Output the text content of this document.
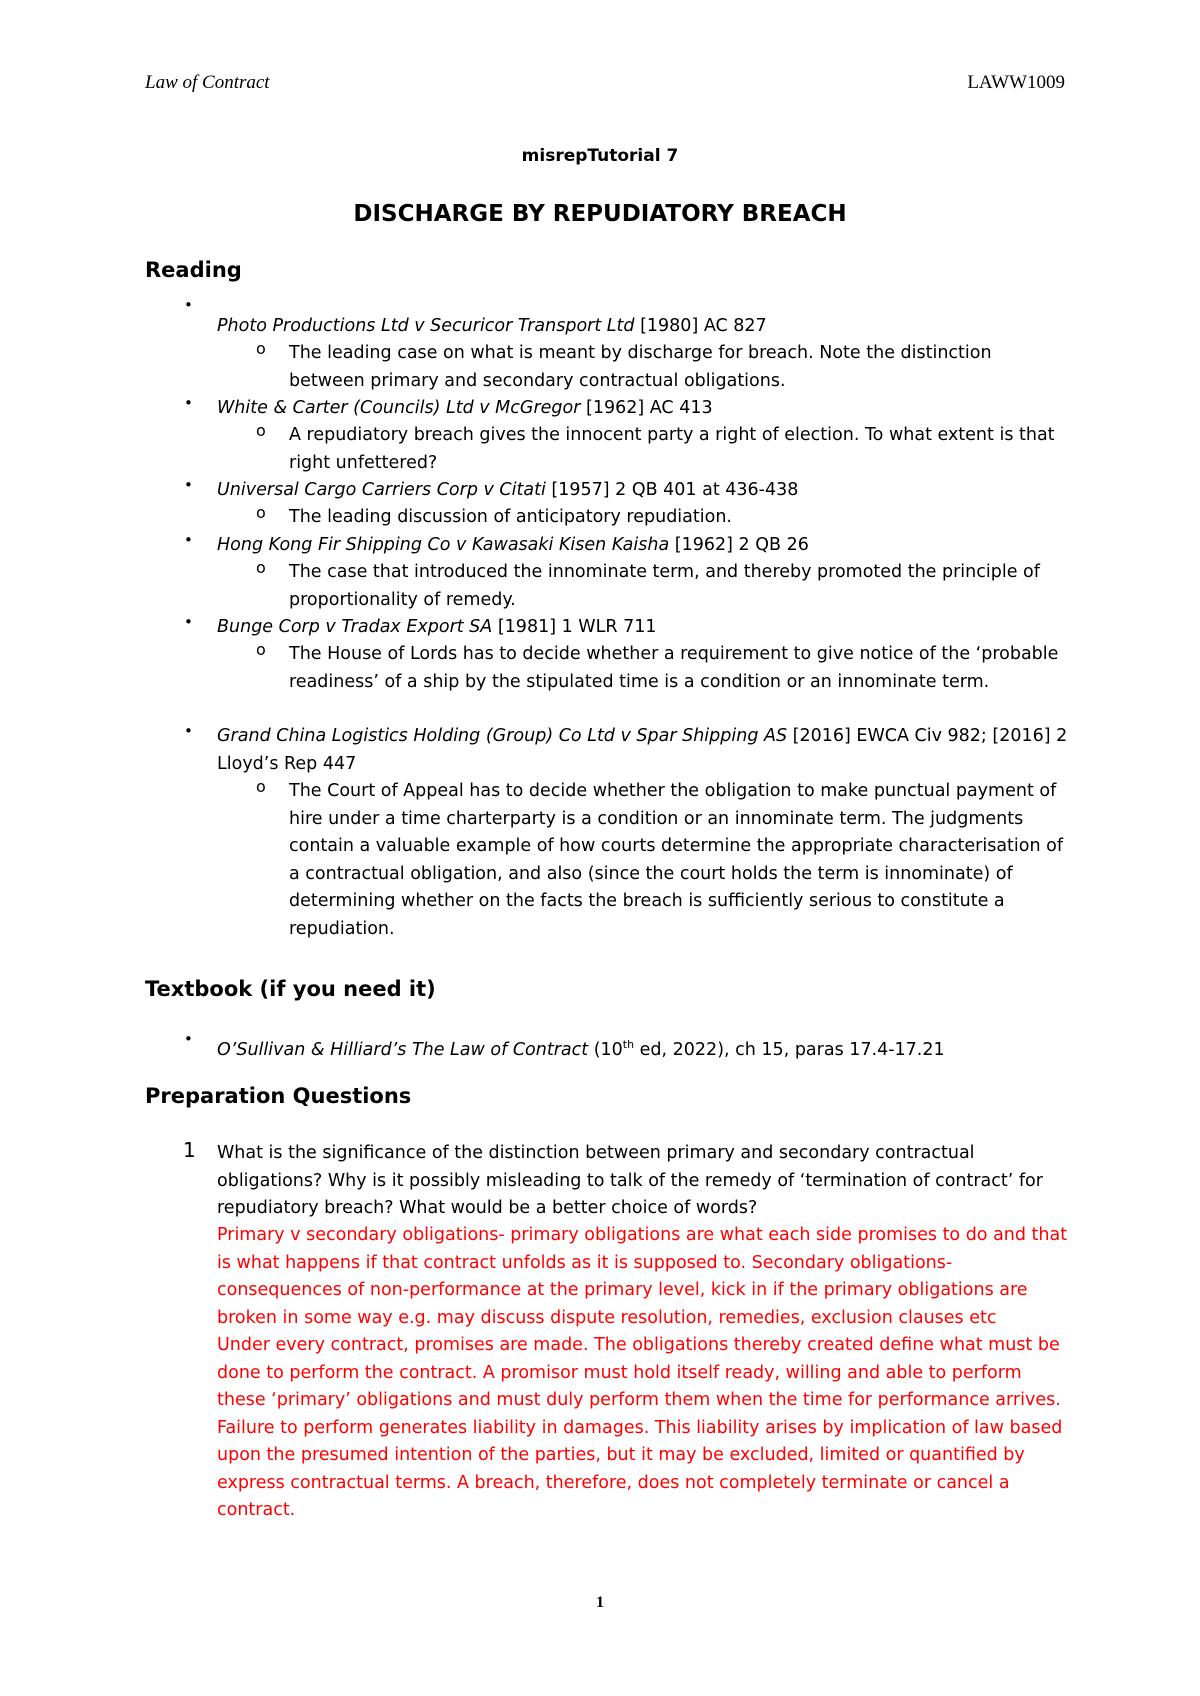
Law of Contract	LAWW1009
misrepTutorial 7
DISCHARGE BY REPUDIATORY BREACH
Reading
•
Photo Productions Ltd v Securicor Transport Ltd [1980] AC 827
o The leading case on what is meant by discharge for breach. Note the distinction between primary and secondary contractual obligations.
• White & Carter (Councils) Ltd v McGregor [1962] AC 413
o A repudiatory breach gives the innocent party a right of election. To what extent is that right unfettered?
• Universal Cargo Carriers Corp v Citati [1957] 2 QB 401 at 436-438
o The leading discussion of anticipatory repudiation.
• Hong Kong Fir Shipping Co v Kawasaki Kisen Kaisha [1962] 2 QB 26
o The case that introduced the innominate term, and thereby promoted the principle of proportionality of remedy.
• Bunge Corp v Tradax Export SA [1981] 1 WLR 711
o The House of Lords has to decide whether a requirement to give notice of the ‘probable readiness’ of a ship by the stipulated time is a condition or an innominate term.
• Grand China Logistics Holding (Group) Co Ltd v Spar Shipping AS [2016] EWCA Civ 982; [2016] 2 Lloyd’s Rep 447
o The Court of Appeal has to decide whether the obligation to make punctual payment of hire under a time charterparty is a condition or an innominate term. The judgments contain a valuable example of how courts determine the appropriate characterisation of a contractual obligation, and also (since the court holds the term is innominate) of determining whether on the facts the breach is sufficiently serious to constitute a repudiation.
Textbook (if you need it)
•
O’Sullivan & Hilliard’s The Law of Contract (10th ed, 2022), ch 15, paras 17.4-17.21
Preparation Questions
1 What is the significance of the distinction between primary and secondary contractual obligations? Why is it possibly misleading to talk of the remedy of ‘termination of contract’ for repudiatory breach? What would be a better choice of words?
Primary v secondary obligations- primary obligations are what each side promises to do and that is what happens if that contract unfolds as it is supposed to. Secondary obligations- consequences of non-performance at the primary level, kick in if the primary obligations are broken in some way e.g. may discuss dispute resolution, remedies, exclusion clauses etc
Under every contract, promises are made. The obligations thereby created define what must be done to perform the contract. A promisor must hold itself ready, willing and able to perform these ‘primary’ obligations and must duly perform them when the time for performance arrives. Failure to perform generates liability in damages. This liability arises by implication of law based upon the presumed intention of the parties, but it may be excluded, limited or quantified by express contractual terms. A breach, therefore, does not completely terminate or cancel a contract.
1
